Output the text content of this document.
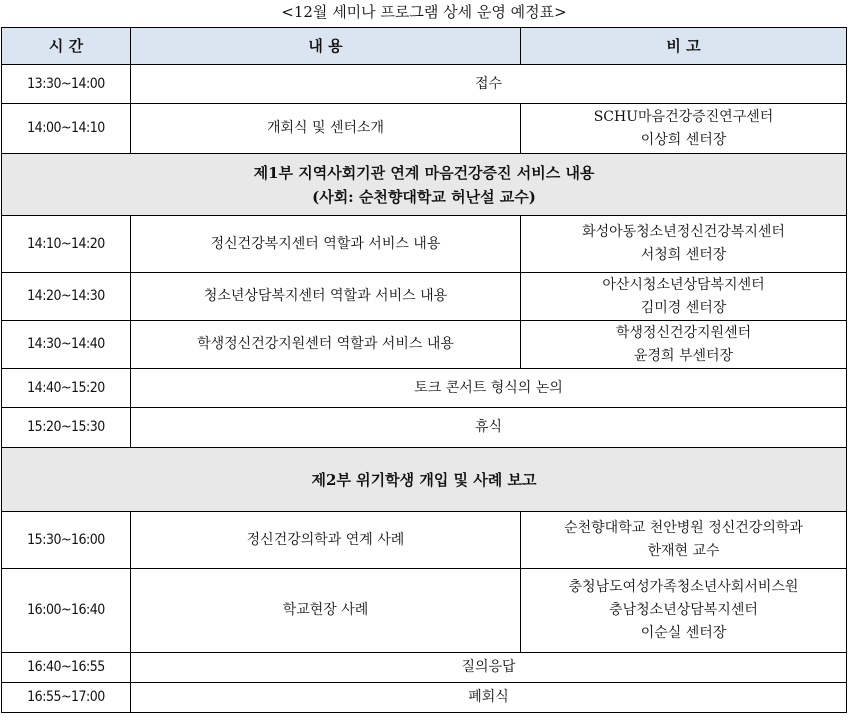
<12월 세미나 프로그램 상세 운영 예정표>
시 간	내 용	비 고
13:30~14:00	접수	
14:00~14:10	개회식 및 센터소개	SCHU마음건강증진연구센터
이상희 센터장

제1부 지역사회기관 연계 마음건강증진 서비스 내용
(사회: 순천향대학교 허난설 교수)		

14:10~14:20	정신건강복지센터 역할과 서비스 내용	화성아동청소년정신건강복지센터
서청희 센터장

14:20~14:30	청소년상담복지센터 역할과 서비스 내용	아산시청소년상담복지센터
김미경 센터장

14:30~14:40	학생정신건강지원센터 역할과 서비스 내용	학생정신건강지원센터
윤경희 부센터장

14:40~15:20	토크 콘서트 형식의 논의	
15:20~15:30	휴식	

제2부 위기학생 개입 및 사례 보고		

15:30~16:00	정신건강의학과 연계 사례	순천향대학교 천안병원 정신건강의학과
한재현 교수

16:00~16:40	학교현장 사례	충청남도여성가족청소년사회서비스원
충남청소년상담복지센터
이순실 센터장

16:40~16:55	질의응답	
16:55~17:00	폐회식	
